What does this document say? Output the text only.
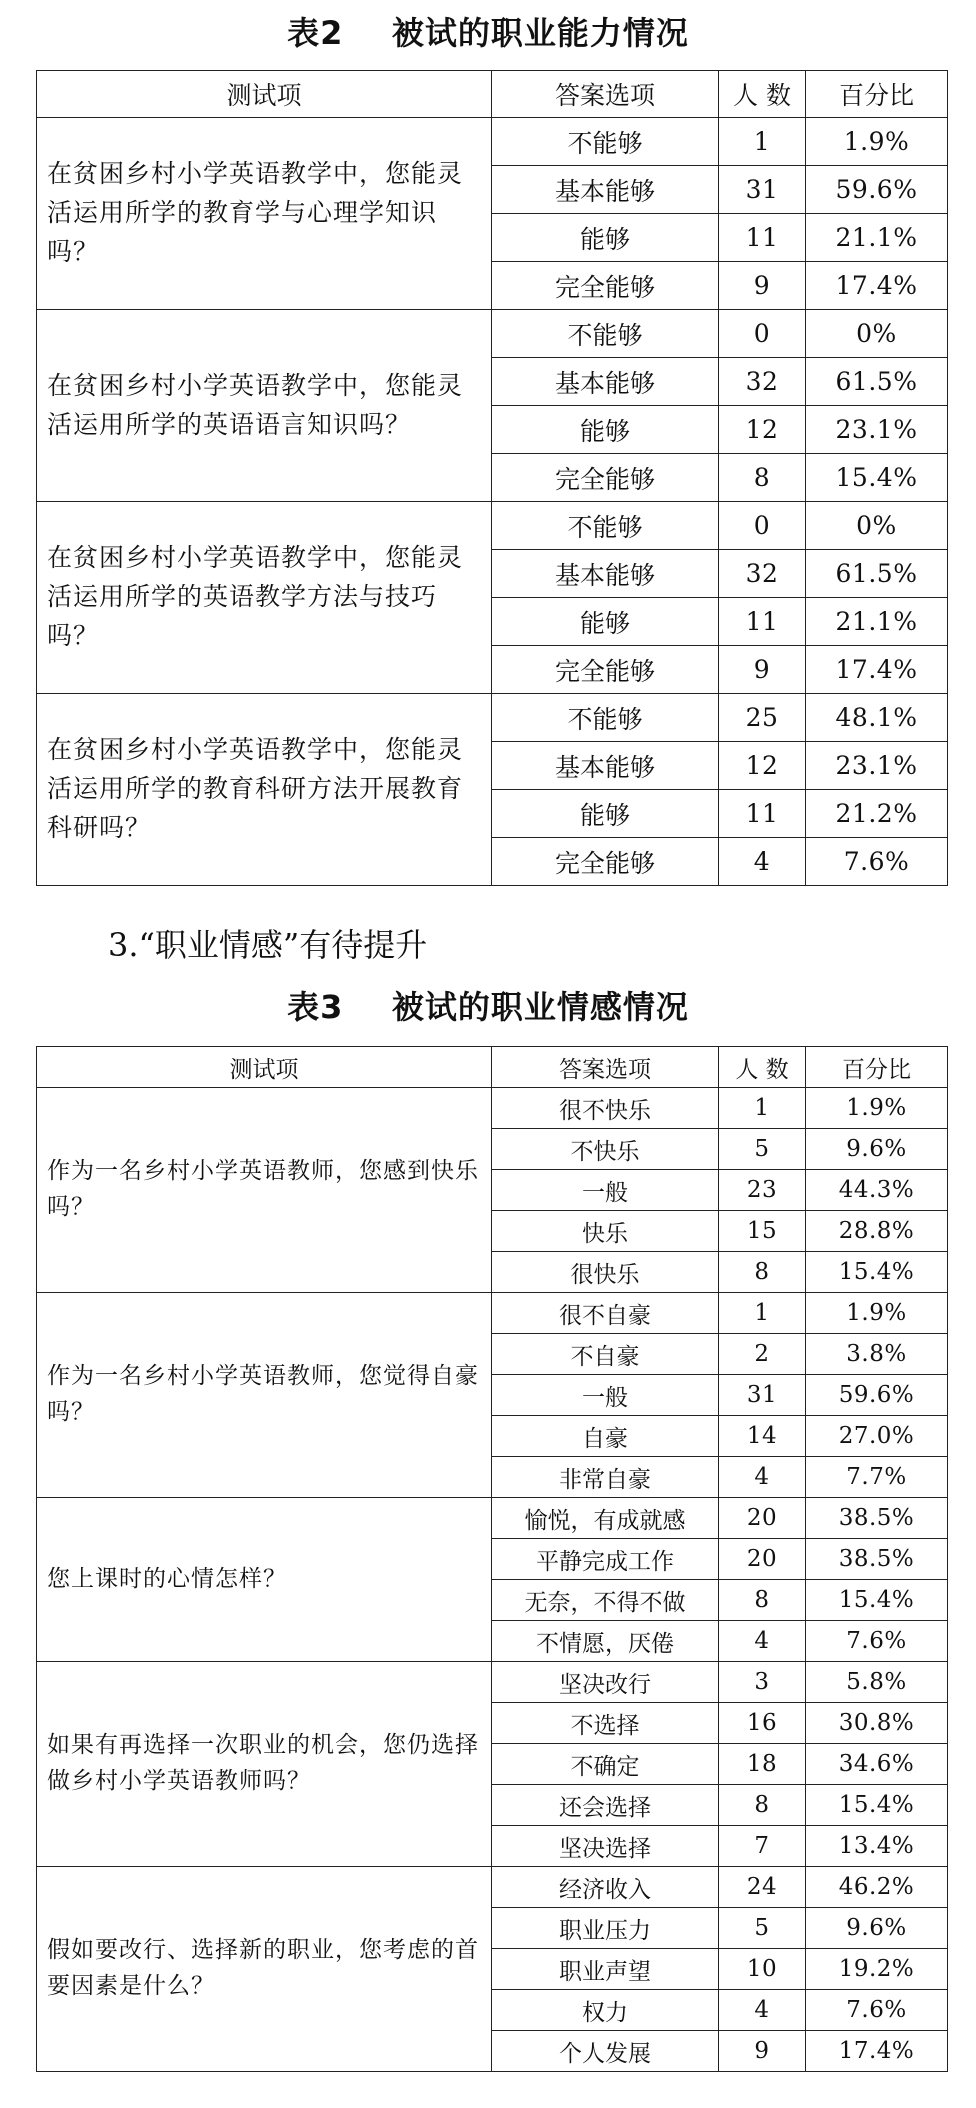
表2    被试的职业能力情况
测试项	答案选项	人 数	百分比
在贫困乡村小学英语教学中，您能灵活运用所学的教育学与心理学知识吗？	不能够	1	1.9%
	基本能够	31	59.6%
	能够	11	21.1%
	完全能够	9	17.4%
在贫困乡村小学英语教学中，您能灵活运用所学的英语语言知识吗？	不能够	0	0%
	基本能够	32	61.5%
	能够	12	23.1%
	完全能够	8	15.4%
在贫困乡村小学英语教学中，您能灵活运用所学的英语教学方法与技巧吗？	不能够	0	0%
	基本能够	32	61.5%
	能够	11	21.1%
	完全能够	9	17.4%
在贫困乡村小学英语教学中，您能灵活运用所学的教育科研方法开展教育科研吗？	不能够	25	48.1%
	基本能够	12	23.1%
	能够	11	21.2%
	完全能够	4	7.6%
3.“职业情感”有待提升
表3    被试的职业情感情况
测试项	答案选项	人 数	百分比
作为一名乡村小学英语教师，您感到快乐吗？	很不快乐	1	1.9%
	不快乐	5	9.6%
	一般	23	44.3%
	快乐	15	28.8%
	很快乐	8	15.4%
作为一名乡村小学英语教师，您觉得自豪吗？	很不自豪	1	1.9%
	不自豪	2	3.8%
	一般	31	59.6%
	自豪	14	27.0%
	非常自豪	4	7.7%
您上课时的心情怎样？	愉悦，有成就感	20	38.5%
	平静完成工作	20	38.5%
	无奈，不得不做	8	15.4%
	不情愿，厌倦	4	7.6%
如果有再选择一次职业的机会，您仍选择做乡村小学英语教师吗？	坚决改行	3	5.8%
	不选择	16	30.8%
	不确定	18	34.6%
	还会选择	8	15.4%
	坚决选择	7	13.4%
假如要改行、选择新的职业，您考虑的首要因素是什么？	经济收入	24	46.2%
	职业压力	5	9.6%
	职业声望	10	19.2%
	权力	4	7.6%
	个人发展	9	17.4%
